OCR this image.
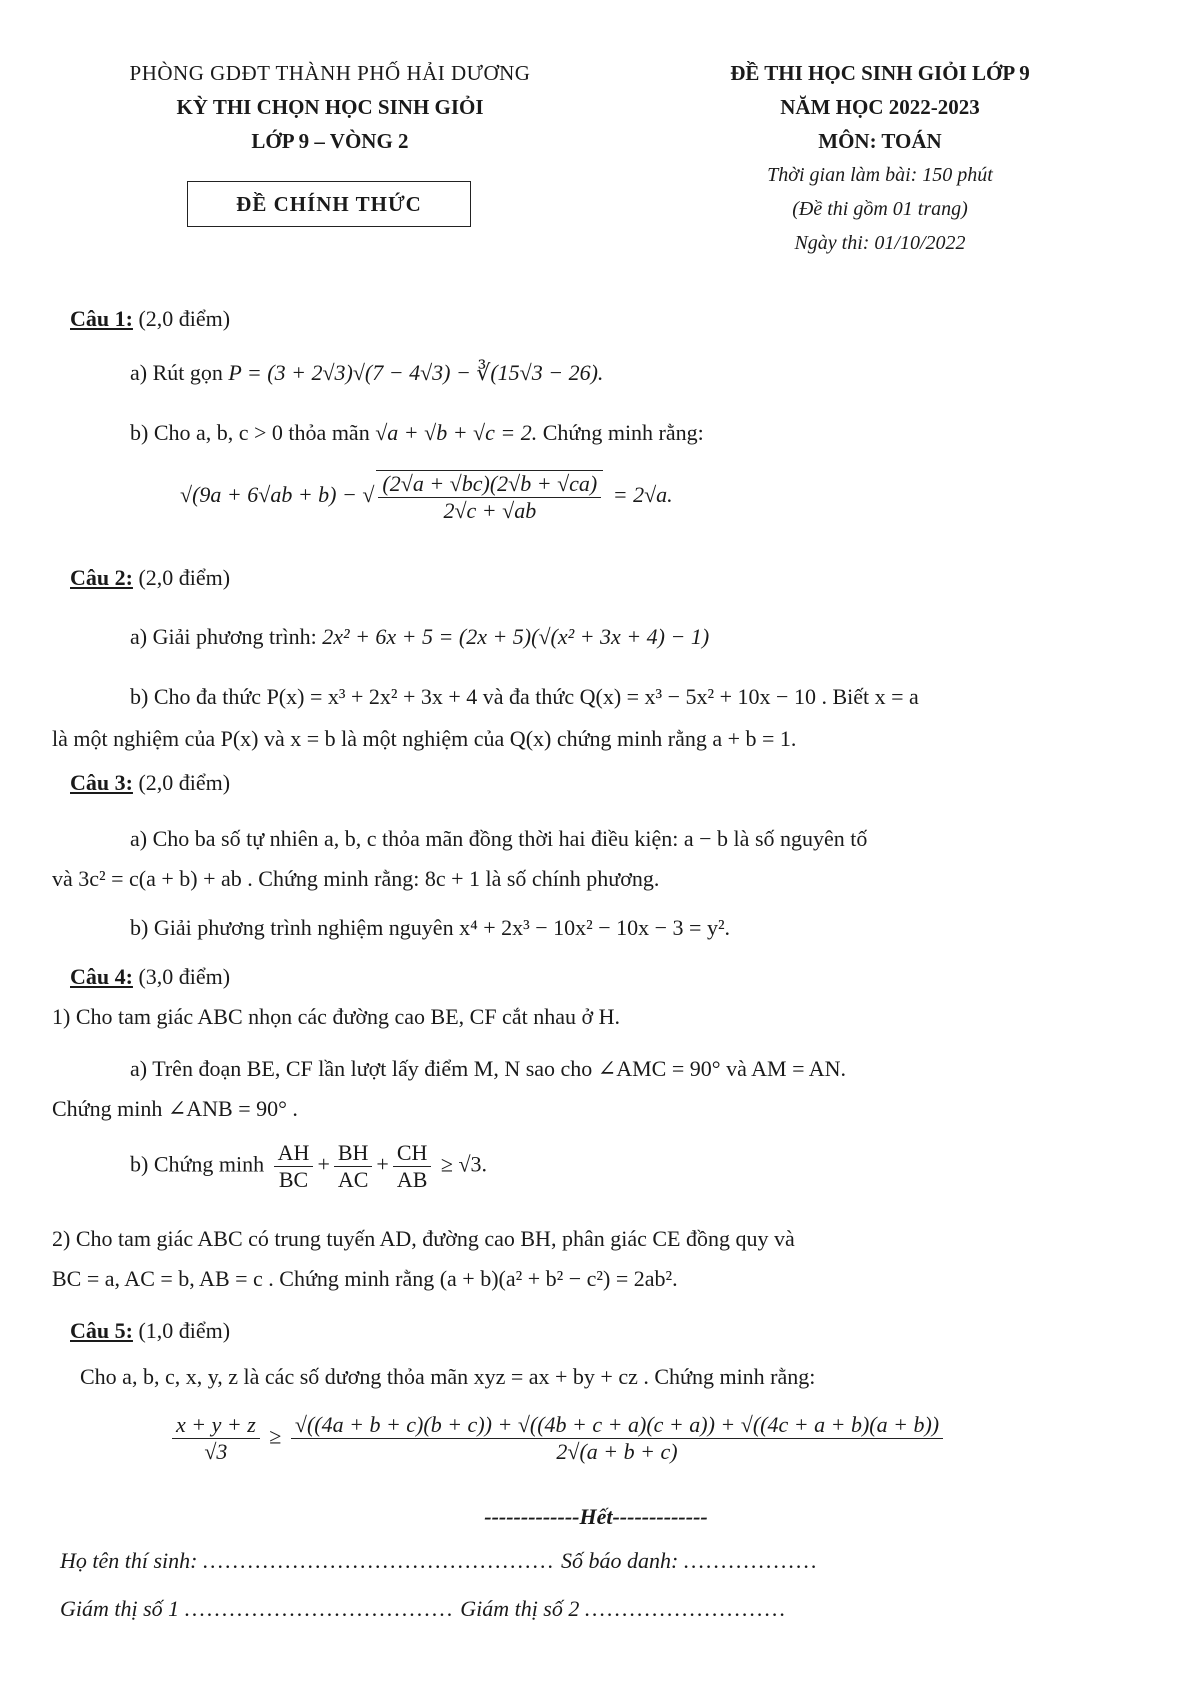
PHÒNG GDĐT THÀNH PHỐ HẢI DƯƠNG
KỲ THI CHỌN HỌC SINH GIỎI
LỚP 9 – VÒNG 2
ĐỀ CHÍNH THỨC
ĐỀ THI HỌC SINH GIỎI LỚP 9
NĂM HỌC 2022-2023
MÔN: TOÁN
Thời gian làm bài: 150 phút
(Đề thi gồm 01 trang)
Ngày thi: 01/10/2022
Câu 1: (2,0 điểm)
a) Rút gọn P = (3 + 2√3)√(7 − 4√3) − ∛(15√3 − 26).
b) Cho a, b, c > 0 thỏa mãn √a + √b + √c = 2. Chứng minh rằng:
√(9a + 6√ab + b) − √ $\frac{(2√a + √bc)(2√b + √ca)}{2√c + √ab} = 2√a$.
Câu 2: (2,0 điểm)
a) Giải phương trình: 2x² + 6x + 5 = (2x + 5)(√(x² + 3x + 4) − 1)
b) Cho đa thức P(x) = x³ + 2x² + 3x + 4 và đa thức Q(x) = x³ − 5x² + 10x − 10 . Biết x = a
là một nghiệm của P(x) và x = b là một nghiệm của Q(x) chứng minh rằng a + b = 1.
Câu 3: (2,0 điểm)
a) Cho ba số tự nhiên a, b, c thỏa mãn đồng thời hai điều kiện: a − b là số nguyên tố
và 3c² = c(a + b) + ab . Chứng minh rằng: 8c + 1 là số chính phương.
b) Giải phương trình nghiệm nguyên x⁴ + 2x³ − 10x² − 10x − 3 = y².
Câu 4: (3,0 điểm)
1) Cho tam giác ABC nhọn các đường cao BE, CF cắt nhau ở H.
a) Trên đoạn BE, CF lần lượt lấy điểm M, N sao cho ∠AMC = 90° và AM = AN.
Chứng minh ∠ANB = 90° .
b) Chứng minh $\frac{AH}{BC} + \frac{BH}{AC} + \frac{CH}{AB} \ge √3$.
2) Cho tam giác ABC có trung tuyến AD, đường cao BH, phân giác CE đồng quy và
BC = a, AC = b, AB = c . Chứng minh rằng (a + b)(a² + b² − c²) = 2ab².
Câu 5: (1,0 điểm)
Cho a, b, c, x, y, z là các số dương thỏa mãn xyz = ax + by + cz . Chứng minh rằng:
$\frac{x + y + z}{√3} \ge √((4a + b + c)(b + c)) + √((4b + c + a)(c + a)) + √((4c + a + b)(a + b))$
2√(a + b + c)
-------------Hết-------------
Họ tên thí sinh: ............................................... Số báo danh: ..................
Giám thị số 1 .................................... Giám thị số 2 ...........................
